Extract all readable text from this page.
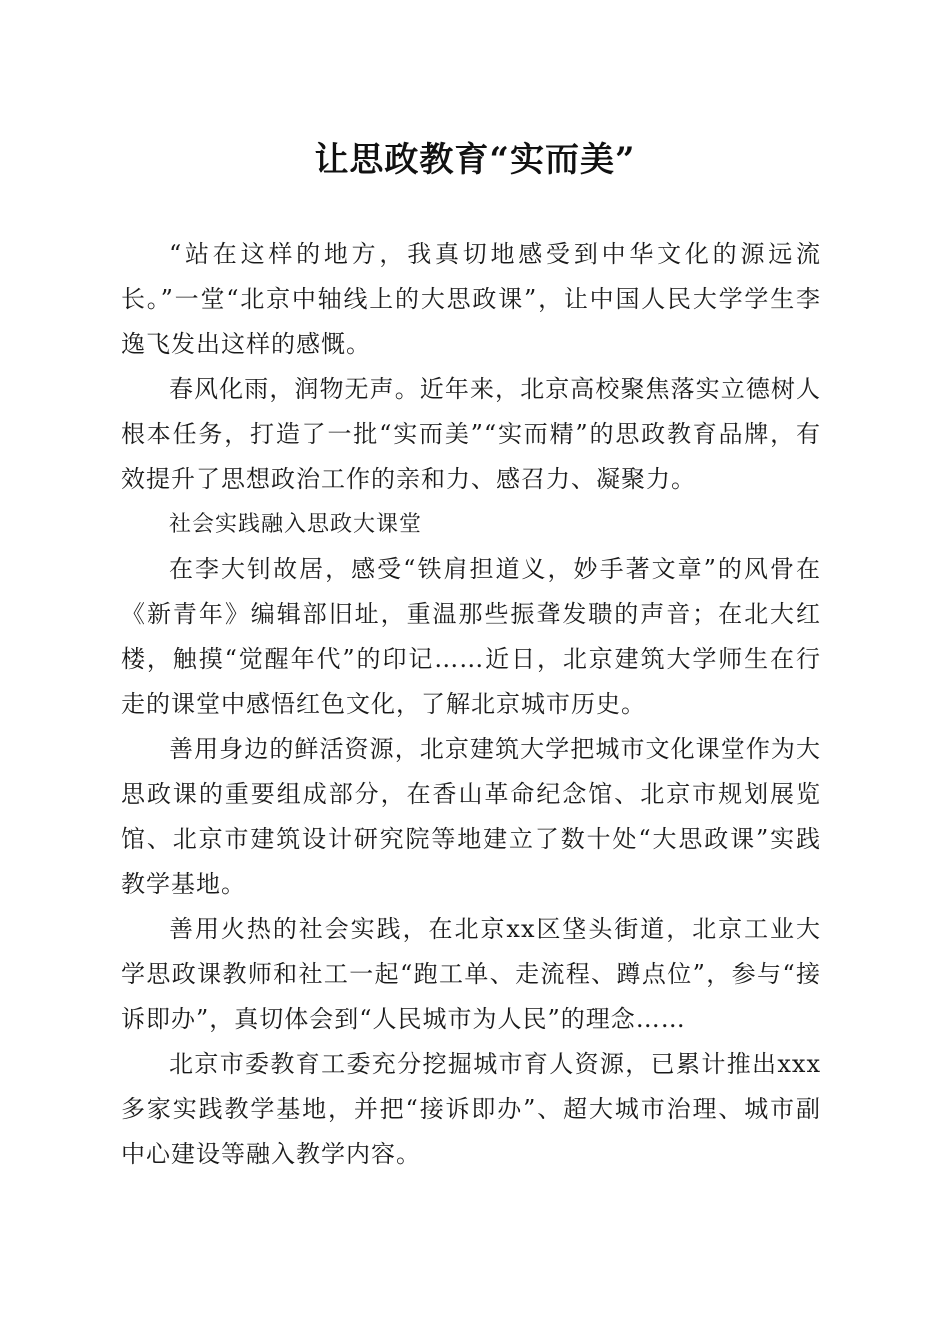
让思政教育“实而美”

“站在这样的地方，我真切地感受到中华文化的源远流长。”一堂“北京中轴线上的大思政课”，让中国人民大学学生李逸飞发出这样的感慨。

春风化雨，润物无声。近年来，北京高校聚焦落实立德树人根本任务，打造了一批“实而美”“实而精”的思政教育品牌，有效提升了思想政治工作的亲和力、感召力、凝聚力。

社会实践融入思政大课堂

在李大钊故居，感受“铁肩担道义，妙手著文章”的风骨在《新青年》编辑部旧址，重温那些振聋发聩的声音；在北大红楼，触摸“觉醒年代”的印记……近日，北京建筑大学师生在行走的课堂中感悟红色文化，了解北京城市历史。

善用身边的鲜活资源，北京建筑大学把城市文化课堂作为大思政课的重要组成部分，在香山革命纪念馆、北京市规划展览馆、北京市建筑设计研究院等地建立了数十处“大思政课”实践教学基地。

善用火热的社会实践，在北京xx区垡头街道，北京工业大学思政课教师和社工一起“跑工单、走流程、蹲点位”，参与“接诉即办”，真切体会到“人民城市为人民”的理念……

北京市委教育工委充分挖掘城市育人资源，已累计推出xxx多家实践教学基地，并把“接诉即办”、超大城市治理、城市副中心建设等融入教学内容。
